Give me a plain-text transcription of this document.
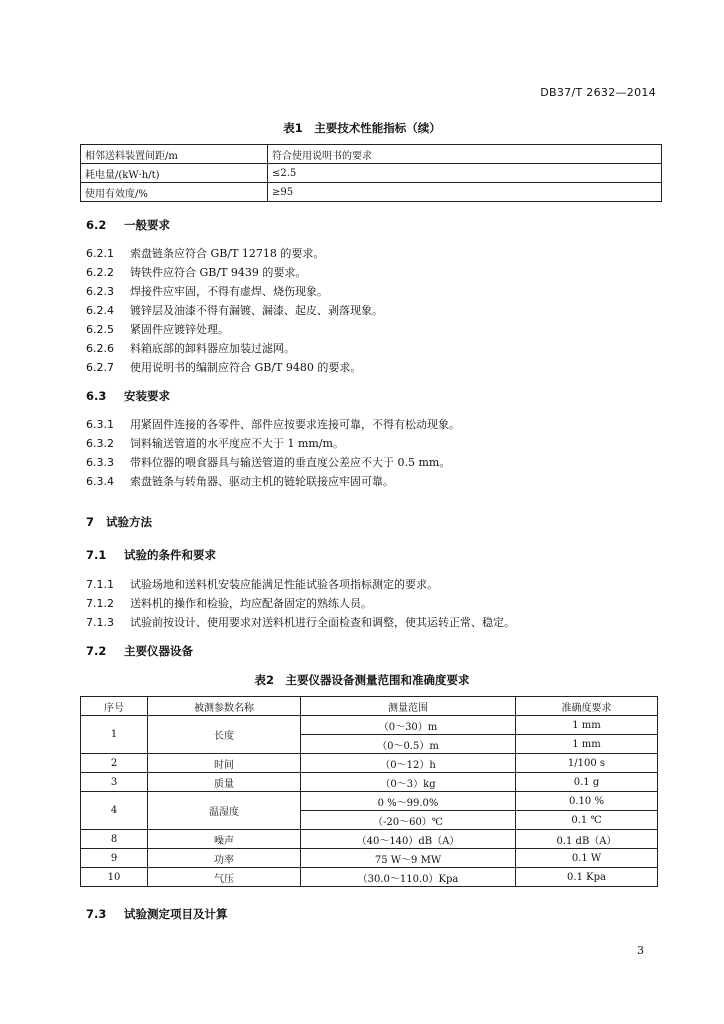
DB37/T 2632—2014
表1　主要技术性能指标（续）
相邻送料装置间距/m	符合使用说明书的要求
耗电量/(kW·h/t)	≤2.5
使用有效度/%	≥95
6.2 一般要求
6.2.1 索盘链条应符合 GB/T 12718 的要求。
6.2.2 铸铁件应符合 GB/T 9439 的要求。
6.2.3 焊接件应牢固，不得有虚焊、烧伤现象。
6.2.4 镀锌层及油漆不得有漏镀、漏漆、起皮、剥落现象。
6.2.5 紧固件应镀锌处理。
6.2.6 料箱底部的卸料器应加装过滤网。
6.2.7 使用说明书的编制应符合 GB/T 9480 的要求。
6.3 安装要求
6.3.1 用紧固件连接的各零件、部件应按要求连接可靠，不得有松动现象。
6.3.2 饲料输送管道的水平度应不大于 1 mm/m。
6.3.3 带料位器的喂食器具与输送管道的垂直度公差应不大于 0.5 mm。
6.3.4 索盘链条与转角器、驱动主机的链轮联接应牢固可靠。
7 试验方法
7.1 试验的条件和要求
7.1.1 试验场地和送料机安装应能满足性能试验各项指标测定的要求。
7.1.2 送料机的操作和检验，均应配备固定的熟练人员。
7.1.3 试验前按设计、使用要求对送料机进行全面检查和调整，使其运转正常、稳定。
7.2 主要仪器设备
表2　主要仪器设备测量范围和准确度要求
序号	被测参数名称	测量范围	准确度要求
1	长度	（0～30）m	1 mm
		（0～0.5）m	1 mm
2	时间	（0～12）h	1/100 s
3	质量	（0～3）kg	0.1 g
4	温湿度	0 %～99.0%	0.10 %
		（-20～60）℃	0.1 ℃
8	噪声	（40～140）dB（A）	0.1 dB（A）
9	功率	75 W～9 MW	0.1 W
10	气压	（30.0～110.0）Kpa	0.1 Kpa
7.3 试验测定项目及计算
3
